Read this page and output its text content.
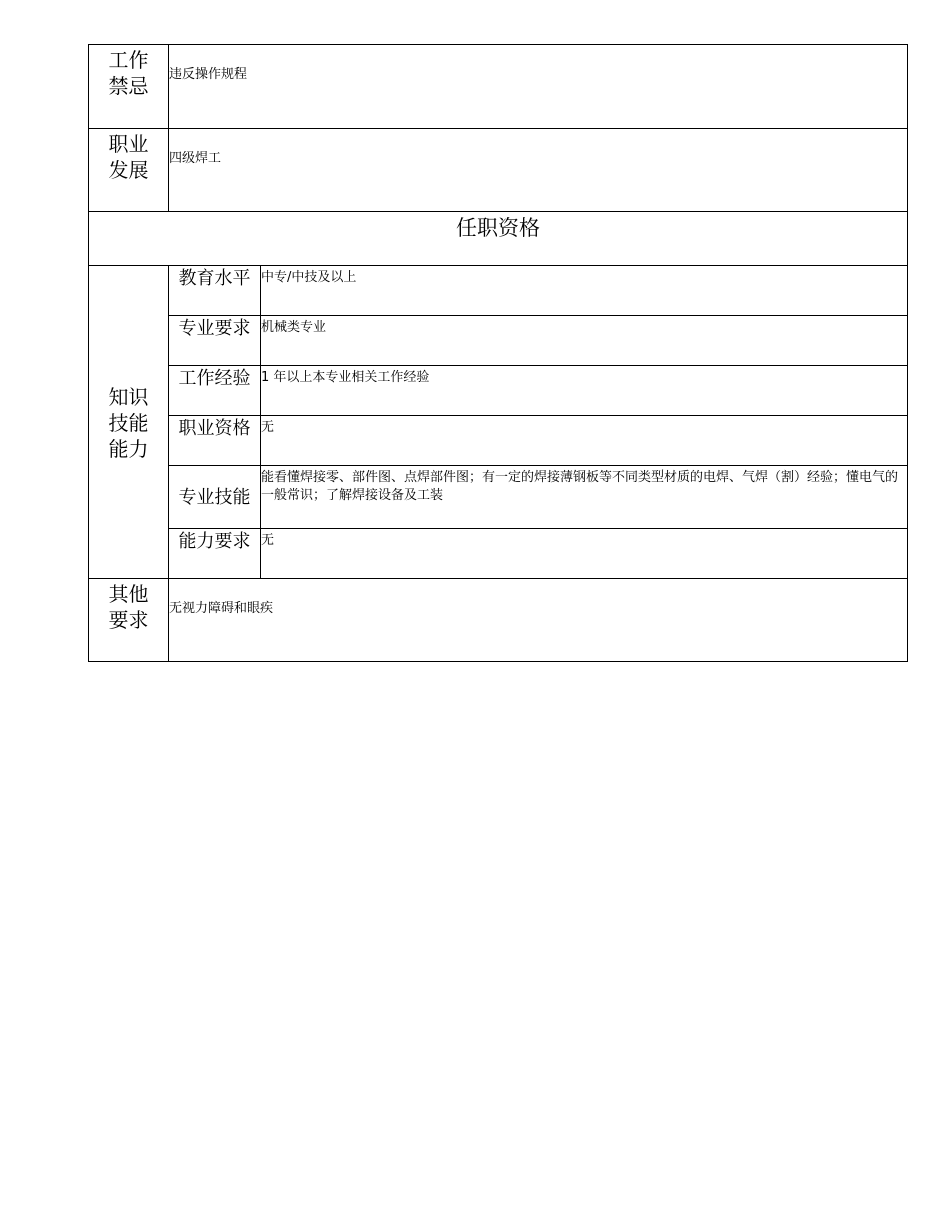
工作
禁忌	违反操作规程	

职业
发展	四级焊工	
任职资格		

知识
技能
能力	教育水平	中专/中技及以上
	专业要求	机械类专业
	工作经验	1 年以上本专业相关工作经验
	职业资格	无
	专业技能	能看懂焊接零、部件图、点焊部件图；有一定的焊接薄钢板等不同类型材质的电焊、气焊（割）经验；懂电气的一般常识；了解焊接设备及工装
	能力要求	无

其他
要求	无视力障碍和眼疾	
